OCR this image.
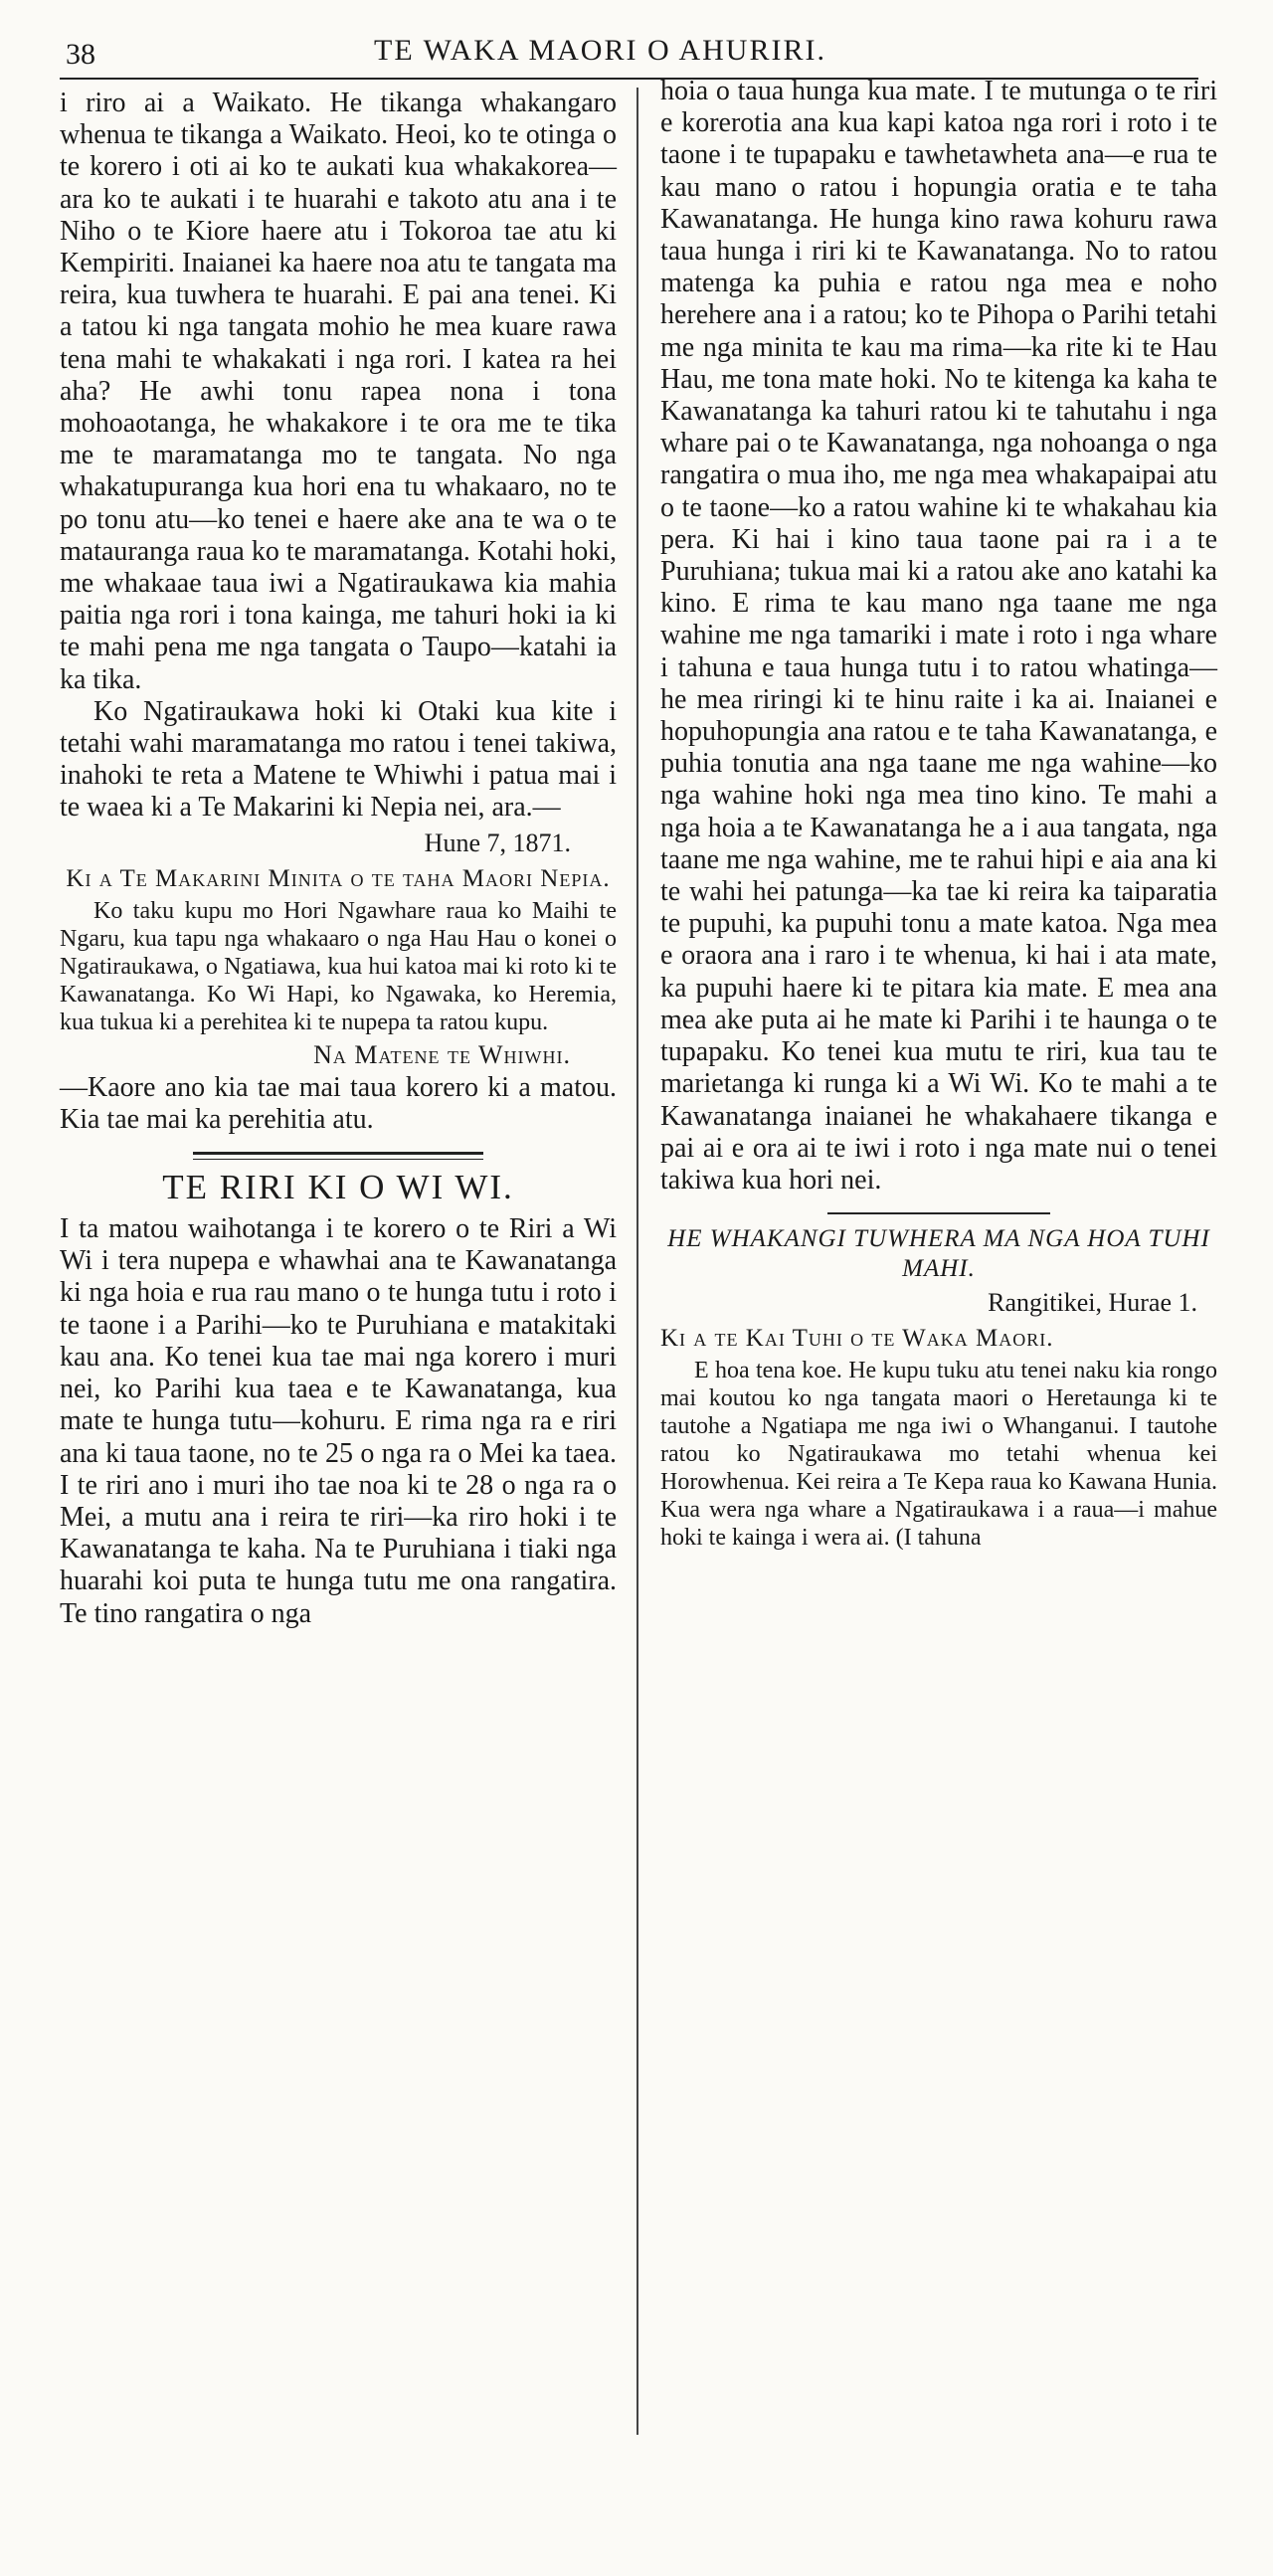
38	TE WAKA MAORI O AHURIRI.

i riro ai a Waikato. He tikanga whakangaro whenua te tikanga a Waikato. Heoi, ko te otinga o te korero i oti ai ko te aukati kua whakakorea—ara ko te aukati i te huarahi e takoto atu ana i te Niho o te Kiore haere atu i Tokoroa tae atu ki Kempiriti. Inaianei ka haere noa atu te tangata ma reira, kua tuwhera te huarahi. E pai ana tenei. Ki a tatou ki nga tangata mohio he mea kuare rawa tena mahi te whakakati i nga rori. I katea ra hei aha? He awhi tonu rapea nona i tona mohoaotanga, he whakakore i te ora me te tika me te maramatanga mo te tangata. No nga whakatupuranga kua hori ena tu whakaaro, no te po tonu atu—ko tenei e haere ake ana te wa o te matauranga raua ko te maramatanga. Kotahi hoki, me whakaae taua iwi a Ngatiraukawa kia mahia paitia nga rori i tona kainga, me tahuri hoki ia ki te mahi pena me nga tangata o Taupo—katahi ia ka tika.

Ko Ngatiraukawa hoki ki Otaki kua kite i tetahi wahi maramatanga mo ratou i tenei takiwa, inahoki te reta a Matene te Whiwhi i patua mai i te waea ki a Te Makarini ki Nepia nei, ara.—

Hune 7, 1871.

Ki a Te Makarini Minita o te taha Maori Nepia.

Ko taku kupu mo Hori Ngawhare raua ko Maihi te Ngaru, kua tapu nga whakaaro o nga Hau Hau o konei o Ngatiraukawa, o Ngatiawa, kua hui katoa mai ki roto ki te Kawanatanga. Ko Wi Hapi, ko Ngawaka, ko Heremia, kua tukua ki a perehitea ki te nupepa ta ratou kupu.

Na Matene te Whiwhi.

—Kaore ano kia tae mai taua korero ki a matou. Kia tae mai ka perehitia atu.

TE RIRI KI O WI WI.

I ta matou waihotanga i te korero o te Riri a Wi Wi i tera nupepa e whawhai ana te Kawanatanga ki nga hoia e rua rau mano o te hunga tutu i roto i te taone i a Parihi—ko te Puruhiana e matakitaki kau ana. Ko tenei kua tae mai nga korero i muri nei, ko Parihi kua taea e te Kawanatanga, kua mate te hunga tutu—kohuru. E rima nga ra e riri ana ki taua taone, no te 25 o nga ra o Mei ka taea. I te riri ano i muri iho tae noa ki te 28 o nga ra o Mei, a mutu ana i reira te riri—ka riro hoki i te Kawanatanga te kaha. Na te Puruhiana i tiaki nga huarahi koi puta te hunga tutu me ona rangatira. Te tino rangatira o nga

hoia o taua hunga kua mate. I te mutunga o te riri e korerotia ana kua kapi katoa nga rori i roto i te taone i te tupapaku e tawhetawheta ana—e rua te kau mano o ratou i hopungia oratia e te taha Kawanatanga. He hunga kino rawa kohuru rawa taua hunga i riri ki te Kawanatanga. No to ratou matenga ka puhia e ratou nga mea e noho herehere ana i a ratou; ko te Pihopa o Parihi tetahi me nga minita te kau ma rima—ka rite ki te Hau Hau, me tona mate hoki. No te kitenga ka kaha te Kawanatanga ka tahuri ratou ki te tahutahu i nga whare pai o te Kawanatanga, nga nohoanga o nga rangatira o mua iho, me nga mea whakapaipai atu o te taone—ko a ratou wahine ki te whakahau kia pera. Ki hai i kino taua taone pai ra i a te Puruhiana; tukua mai ki a ratou ake ano katahi ka kino. E rima te kau mano nga taane me nga wahine me nga tamariki i mate i roto i nga whare i tahuna e taua hunga tutu i to ratou whatinga—he mea riringi ki te hinu raite i ka ai. Inaianei e hopuhopungia ana ratou e te taha Kawanatanga, e puhia tonutia ana nga taane me nga wahine—ko nga wahine hoki nga mea tino kino. Te mahi a nga hoia a te Kawanatanga he a i aua tangata, nga taane me nga wahine, me te rahui hipi e aia ana ki te wahi hei patunga—ka tae ki reira ka taiparatia te pupuhi, ka pupuhi tonu a mate katoa. Nga mea e oraora ana i raro i te whenua, ki hai i ata mate, ka pupuhi haere ki te pitara kia mate. E mea ana mea ake puta ai he mate ki Parihi i te haunga o te tupapaku. Ko tenei kua mutu te riri, kua tau te marietanga ki runga ki a Wi Wi. Ko te mahi a te Kawanatanga inaianei he whakahaere tikanga e pai ai e ora ai te iwi i roto i nga mate nui o tenei takiwa kua hori nei.

HE WHAKANGI TUWHERA MA NGA HOA TUHI MAHI.

Rangitikei, Hurae 1.

Ki a te Kai Tuhi o te Waka Maori.

E hoa tena koe. He kupu tuku atu tenei naku kia rongo mai koutou ko nga tangata maori o Heretaunga ki te tautohe a Ngatiapa me nga iwi o Whanganui. I tautohe ratou ko Ngatiraukawa mo tetahi whenua kei Horowhenua. Kei reira a Te Kepa raua ko Kawana Hunia. Kua wera nga whare a Ngatiraukawa i a raua—i mahue hoki te kainga i wera ai. (I tahuna
